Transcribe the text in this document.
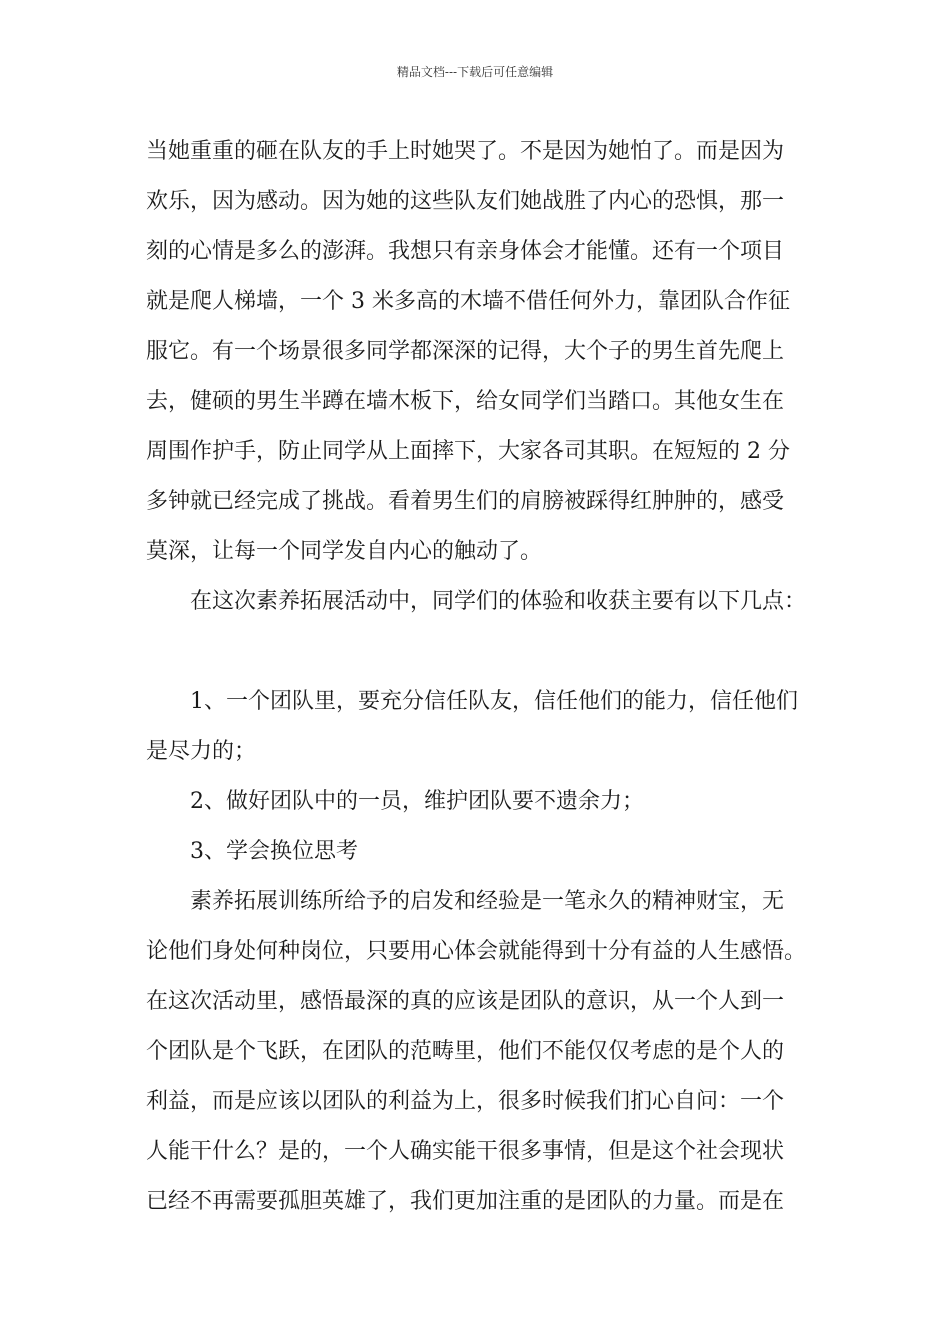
精品文档---下载后可任意编辑
当她重重的砸在队友的手上时她哭了。不是因为她怕了。而是因为
欢乐，因为感动。因为她的这些队友们她战胜了内心的恐惧，那一
刻的心情是多么的澎湃。我想只有亲身体会才能懂。还有一个项目
就是爬人梯墙，一个 3 米多高的木墙不借任何外力，靠团队合作征
服它。有一个场景很多同学都深深的记得，大个子的男生首先爬上
去，健硕的男生半蹲在墙木板下，给女同学们当踏口。其他女生在
周围作护手，防止同学从上面摔下，大家各司其职。在短短的 2 分
多钟就已经完成了挑战。看着男生们的肩膀被踩得红肿肿的，感受
莫深，让每一个同学发自内心的触动了。
在这次素养拓展活动中，同学们的体验和收获主要有以下几点：
1、一个团队里，要充分信任队友，信任他们的能力，信任他们
是尽力的；
2、做好团队中的一员，维护团队要不遗余力；
3、学会换位思考
素养拓展训练所给予的启发和经验是一笔永久的精神财宝，无
论他们身处何种岗位，只要用心体会就能得到十分有益的人生感悟。
在这次活动里，感悟最深的真的应该是团队的意识，从一个人到一
个团队是个飞跃，在团队的范畴里，他们不能仅仅考虑的是个人的
利益，而是应该以团队的利益为上，很多时候我们扪心自问：一个
人能干什么？是的，一个人确实能干很多事情，但是这个社会现状
已经不再需要孤胆英雄了，我们更加注重的是团队的力量。而是在
